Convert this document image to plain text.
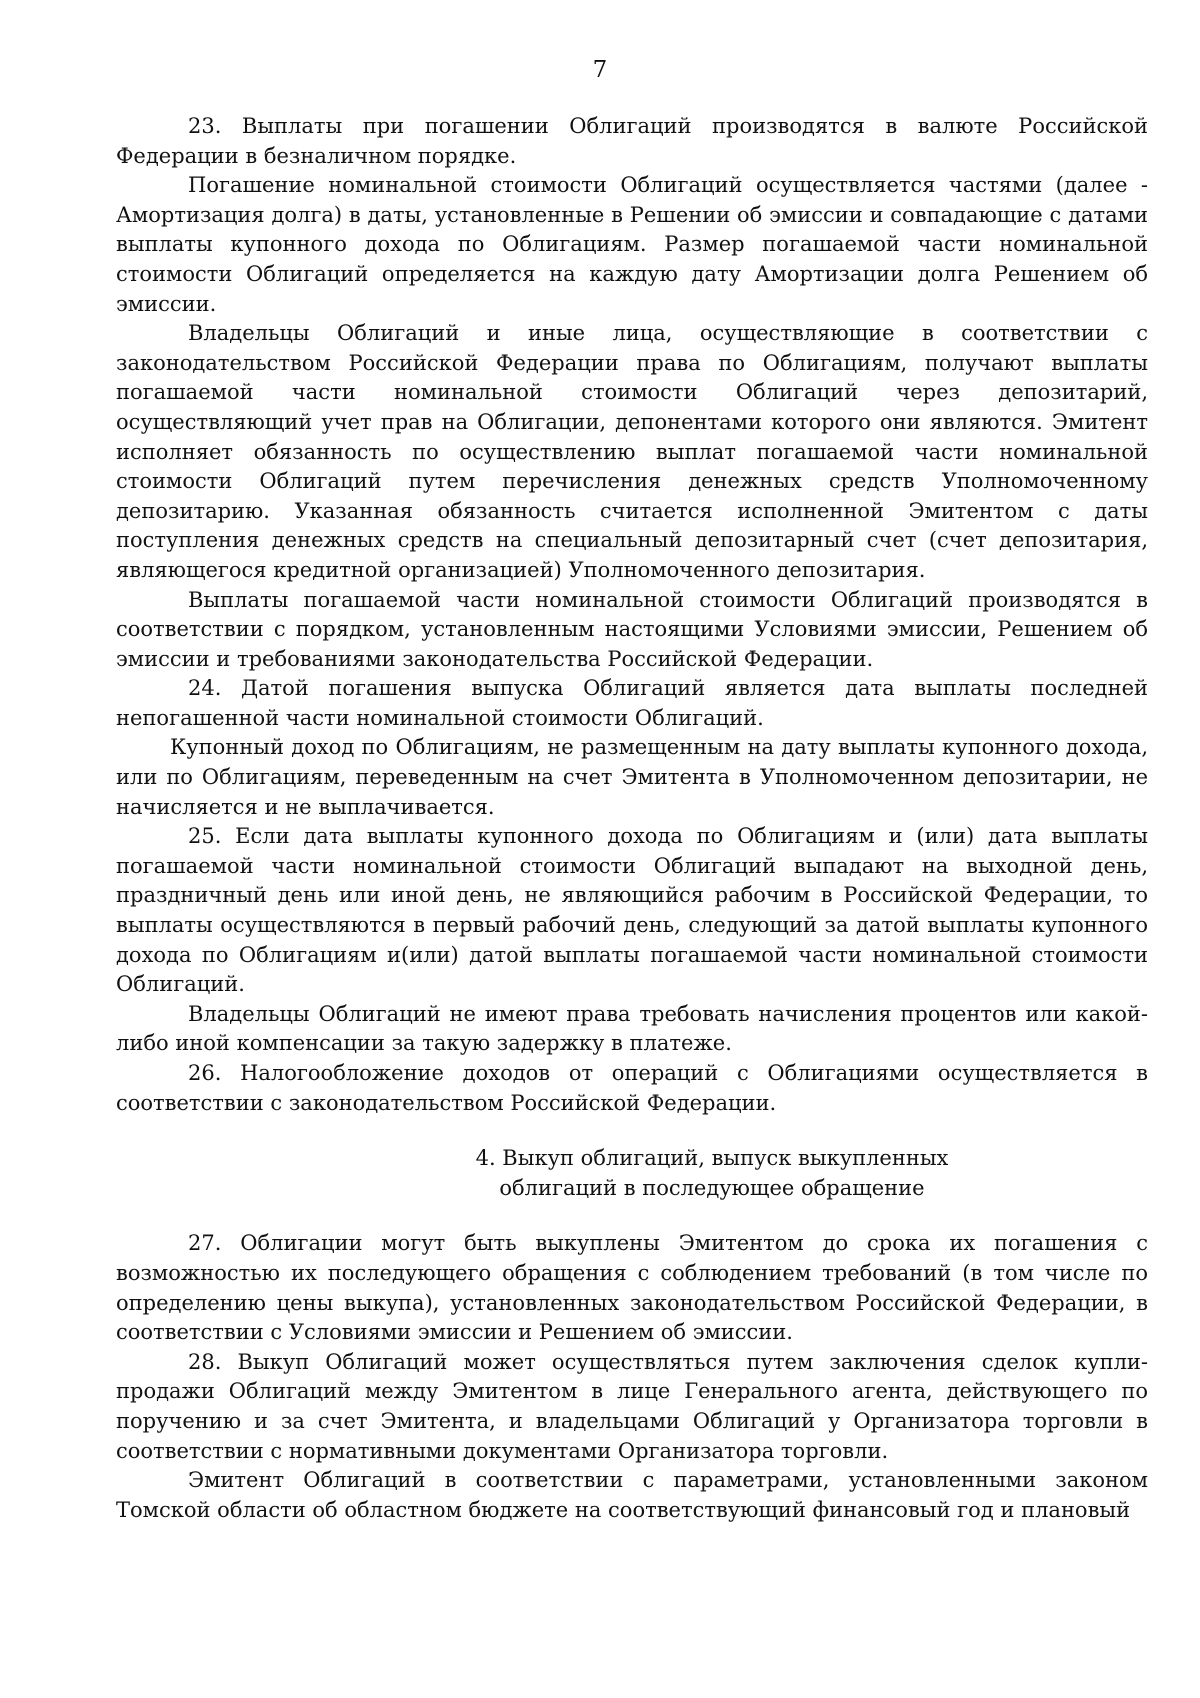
7

23. Выплаты при погашении Облигаций производятся в валюте Российской Федерации в безналичном порядке.

Погашение номинальной стоимости Облигаций осуществляется частями (далее - Амортизация долга) в даты, установленные в Решении об эмиссии и совпадающие с датами выплаты купонного дохода по Облигациям. Размер погашаемой части номинальной стоимости Облигаций определяется на каждую дату Амортизации долга Решением об эмиссии.

Владельцы Облигаций и иные лица, осуществляющие в соответствии с законодательством Российской Федерации права по Облигациям, получают выплаты погашаемой части номинальной стоимости Облигаций через депозитарий, осуществляющий учет прав на Облигации, депонентами которого они являются. Эмитент исполняет обязанность по осуществлению выплат погашаемой части номинальной стоимости Облигаций путем перечисления денежных средств Уполномоченному депозитарию. Указанная обязанность считается исполненной Эмитентом с даты поступления денежных средств на специальный депозитарный счет (счет депозитария, являющегося кредитной организацией) Уполномоченного депозитария.

Выплаты погашаемой части номинальной стоимости Облигаций производятся в соответствии с порядком, установленным настоящими Условиями эмиссии, Решением об эмиссии и требованиями законодательства Российской Федерации.

24. Датой погашения выпуска Облигаций является дата выплаты последней непогашенной части номинальной стоимости Облигаций.

Купонный доход по Облигациям, не размещенным на дату выплаты купонного дохода, или по Облигациям, переведенным на счет Эмитента в Уполномоченном депозитарии, не начисляется и не выплачивается.

25. Если дата выплаты купонного дохода по Облигациям и (или) дата выплаты погашаемой части номинальной стоимости Облигаций выпадают на выходной день, праздничный день или иной день, не являющийся рабочим в Российской Федерации, то выплаты осуществляются в первый рабочий день, следующий за датой выплаты купонного дохода по Облигациям и(или) датой выплаты погашаемой части номинальной стоимости Облигаций.

Владельцы Облигаций не имеют права требовать начисления процентов или какой-либо иной компенсации за такую задержку в платеже.

26. Налогообложение доходов от операций с Облигациями осуществляется в соответствии с законодательством Российской Федерации.

4. Выкуп облигаций, выпуск выкупленных
облигаций в последующее обращение

27. Облигации могут быть выкуплены Эмитентом до срока их погашения с возможностью их последующего обращения с соблюдением требований (в том числе по определению цены выкупа), установленных законодательством Российской Федерации, в соответствии с Условиями эмиссии и Решением об эмиссии.

28. Выкуп Облигаций может осуществляться путем заключения сделок купли-продажи Облигаций между Эмитентом в лице Генерального агента, действующего по поручению и за счет Эмитента, и владельцами Облигаций у Организатора торговли в соответствии с нормативными документами Организатора торговли.

Эмитент Облигаций в соответствии с параметрами, установленными законом Томской области об областном бюджете на соответствующий финансовый год и плановый
